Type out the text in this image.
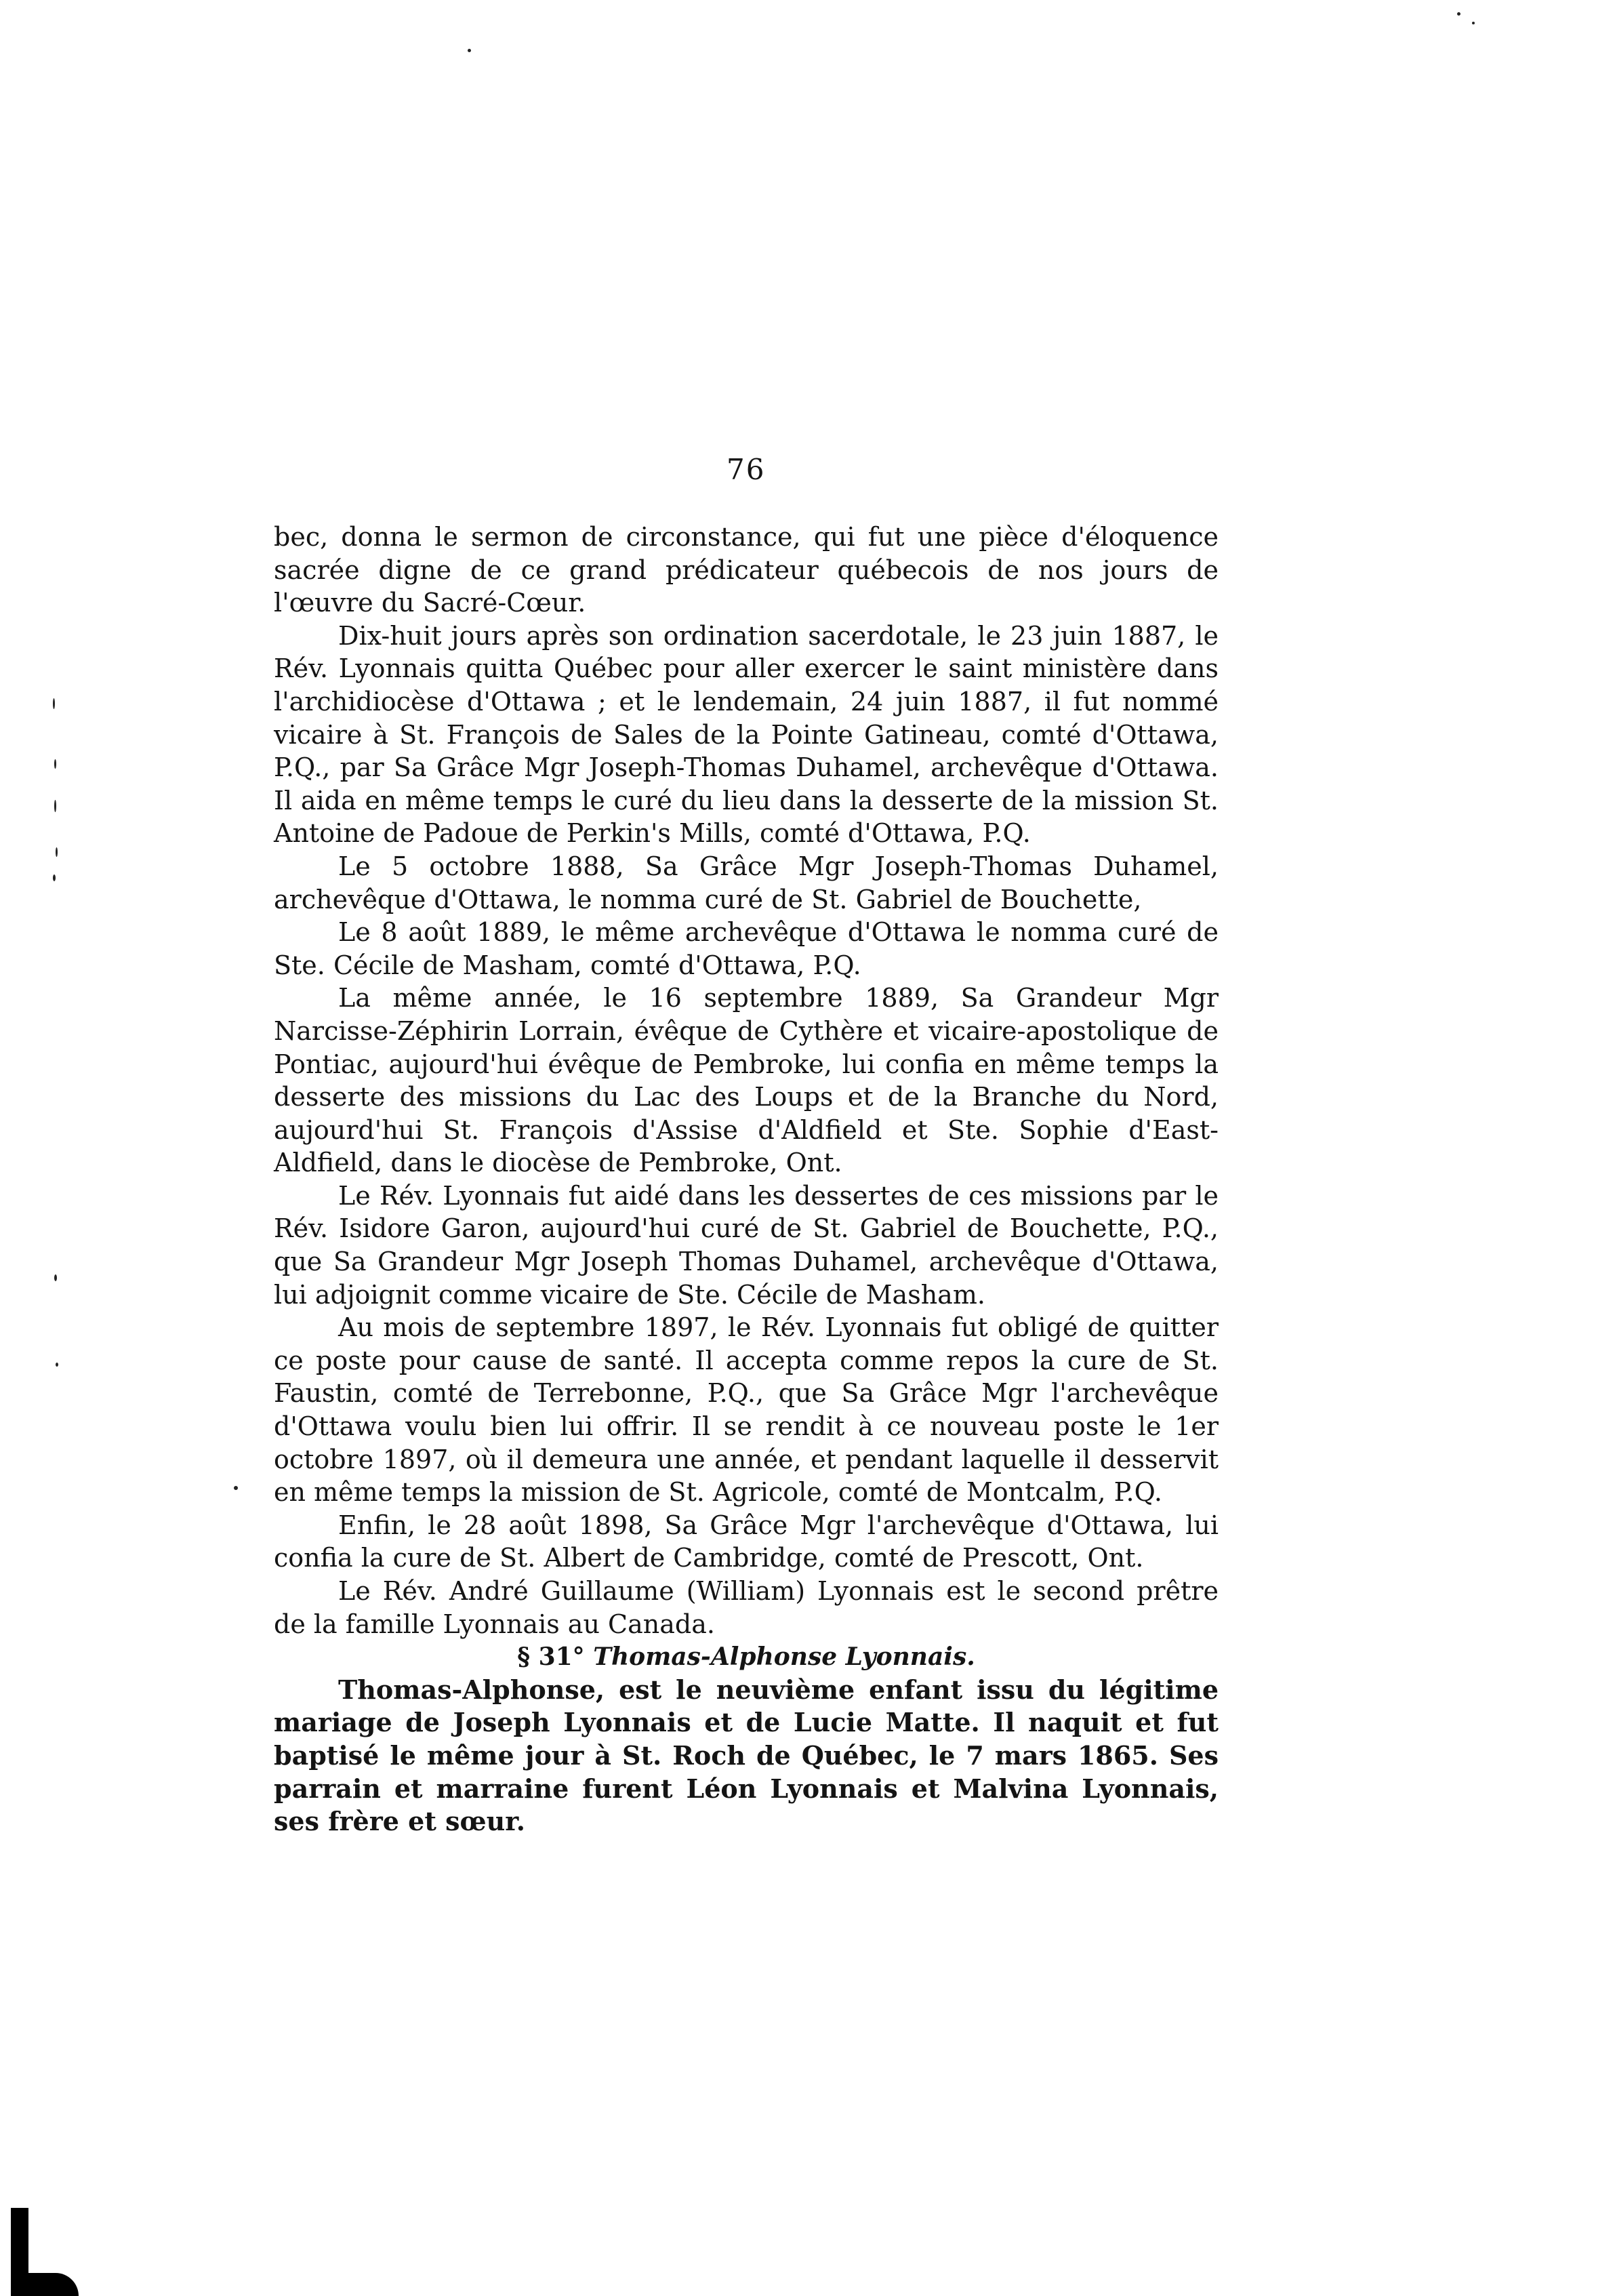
76

bec, donna le sermon de circonstance, qui fut une pièce d'éloquence sacrée digne de ce grand prédicateur québecois de nos jours de l'œuvre du Sacré-Cœur.

Dix-huit jours après son ordination sacerdotale, le 23 juin 1887, le Rév. Lyonnais quitta Québec pour aller exercer le saint ministère dans l'archidiocèse d'Ottawa ; et le lendemain, 24 juin 1887, il fut nommé vicaire à St. François de Sales de la Pointe Gatineau, comté d'Ottawa, P.Q., par Sa Grâce Mgr Joseph-Thomas Duhamel, archevêque d'Ottawa. Il aida en même temps le curé du lieu dans la desserte de la mission St. Antoine de Padoue de Perkin's Mills, comté d'Ottawa, P.Q.

Le 5 octobre 1888, Sa Grâce Mgr Joseph-Thomas Duhamel, archevêque d'Ottawa, le nomma curé de St. Gabriel de Bouchette,

Le 8 août 1889, le même archevêque d'Ottawa le nomma curé de Ste. Cécile de Masham, comté d'Ottawa, P.Q.

La même année, le 16 septembre 1889, Sa Grandeur Mgr Narcisse-Zéphirin Lorrain, évêque de Cythère et vicaire-apostolique de Pontiac, aujourd'hui évêque de Pembroke, lui confia en même temps la desserte des missions du Lac des Loups et de la Branche du Nord, aujourd'hui St. François d'Assise d'Aldfield et Ste. Sophie d'East-Aldfield, dans le diocèse de Pembroke, Ont.

Le Rév. Lyonnais fut aidé dans les dessertes de ces missions par le Rév. Isidore Garon, aujourd'hui curé de St. Gabriel de Bouchette, P.Q., que Sa Grandeur Mgr Joseph Thomas Duhamel, archevêque d'Ottawa, lui adjoignit comme vicaire de Ste. Cécile de Masham.

Au mois de septembre 1897, le Rév. Lyonnais fut obligé de quitter ce poste pour cause de santé. Il accepta comme repos la cure de St. Faustin, comté de Terrebonne, P.Q., que Sa Grâce Mgr l'archevêque d'Ottawa voulu bien lui offrir. Il se rendit à ce nouveau poste le 1er octobre 1897, où il demeura une année, et pendant laquelle il desservit en même temps la mission de St. Agricole, comté de Montcalm, P.Q.

Enfin, le 28 août 1898, Sa Grâce Mgr l'archevêque d'Ottawa, lui confia la cure de St. Albert de Cambridge, comté de Prescott, Ont.

Le Rév. André Guillaume (William) Lyonnais est le second prêtre de la famille Lyonnais au Canada.

§ 31° Thomas-Alphonse Lyonnais.

Thomas-Alphonse, est le neuvième enfant issu du légitime mariage de Joseph Lyonnais et de Lucie Matte. Il naquit et fut baptisé le même jour à St. Roch de Québec, le 7 mars 1865. Ses parrain et marraine furent Léon Lyonnais et Malvina Lyonnais, ses frère et sœur.
